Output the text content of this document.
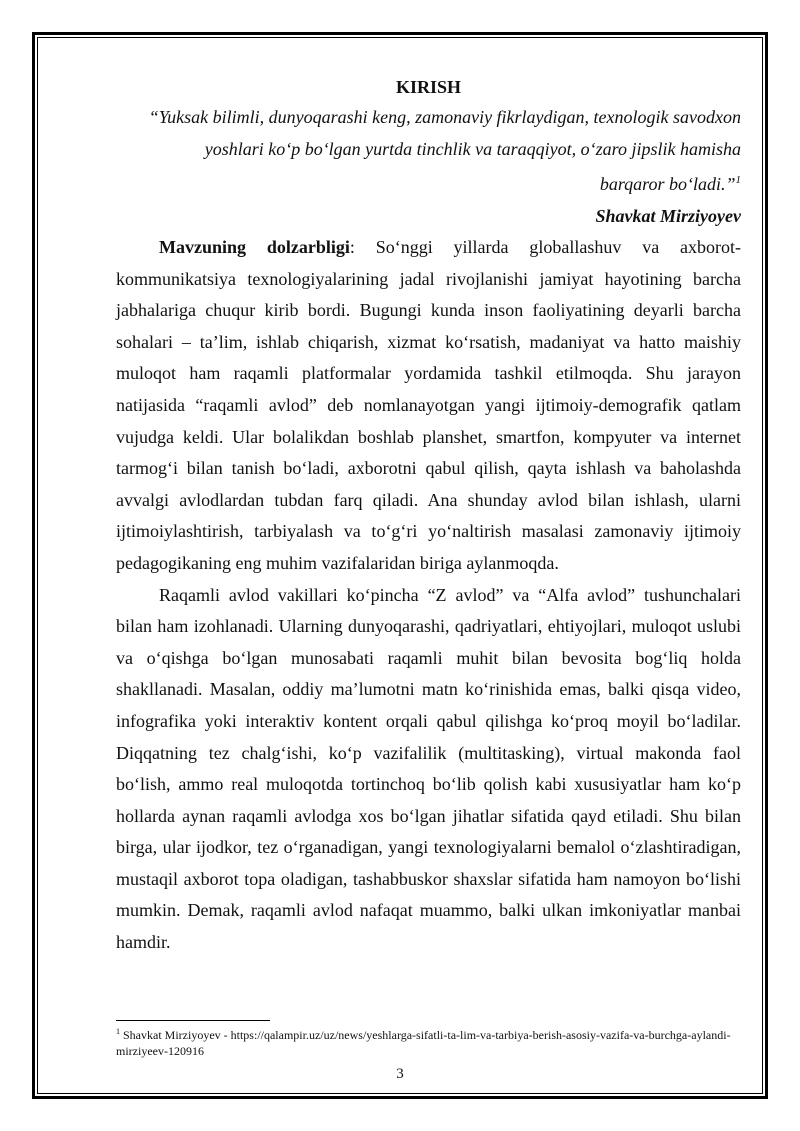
KIRISH

“Yuksak bilimli, dunyoqarashi keng, zamonaviy fikrlaydigan, texnologik savodxon

yoshlari ko‘p bo‘lgan yurtda tinchlik va taraqqiyot, o‘zaro jipslik hamisha

barqaror bo‘ladi.”$^1$

Shavkat Mirziyoyev

Mavzuning dolzarbligi: So‘nggi yillarda globallashuv va axborot-kommunikatsiya texnologiyalarining jadal rivojlanishi jamiyat hayotining barcha jabhalariga chuqur kirib bordi. Bugungi kunda inson faoliyatining deyarli barcha sohalari – ta’lim, ishlab chiqarish, xizmat ko‘rsatish, madaniyat va hatto maishiy muloqot ham raqamli platformalar yordamida tashkil etilmoqda. Shu jarayon natijasida “raqamli avlod” deb nomlanayotgan yangi ijtimoiy-demografik qatlam vujudga keldi. Ular bolalikdan boshlab planshet, smartfon, kompyuter va internet tarmog‘i bilan tanish bo‘ladi, axborotni qabul qilish, qayta ishlash va baholashda avvalgi avlodlardan tubdan farq qiladi. Ana shunday avlod bilan ishlash, ularni ijtimoiylashtirish, tarbiyalash va to‘g‘ri yo‘naltirish masalasi zamonaviy ijtimoiy pedagogikaning eng muhim vazifalaridan biriga aylanmoqda.

Raqamli avlod vakillari ko‘pincha “Z avlod” va “Alfa avlod” tushunchalari bilan ham izohlanadi. Ularning dunyoqarashi, qadriyatlari, ehtiyojlari, muloqot uslubi va o‘qishga bo‘lgan munosabati raqamli muhit bilan bevosita bog‘liq holda shakllanadi. Masalan, oddiy ma’lumotni matn ko‘rinishida emas, balki qisqa video, infografika yoki interaktiv kontent orqali qabul qilishga ko‘proq moyil bo‘ladilar. Diqqatning tez chalg‘ishi, ko‘p vazifalilik (multitasking), virtual makonda faol bo‘lish, ammo real muloqotda tortinchoq bo‘lib qolish kabi xususiyatlar ham ko‘p hollarda aynan raqamli avlodga xos bo‘lgan jihatlar sifatida qayd etiladi. Shu bilan birga, ular ijodkor, tez o‘rganadigan, yangi texnologiyalarni bemalol o‘zlashtiradigan, mustaqil axborot topa oladigan, tashabbuskor shaxslar sifatida ham namoyon bo‘lishi mumkin. Demak, raqamli avlod nafaqat muammo, balki ulkan imkoniyatlar manbai hamdir.

$^1$ Shavkat Mirziyoyev - https://qalampir.uz/uz/news/yeshlarga-sifatli-ta-lim-va-tarbiya-berish-asosiy-vazifa-va-burchga-aylandi-mirziyeev-120916
3
